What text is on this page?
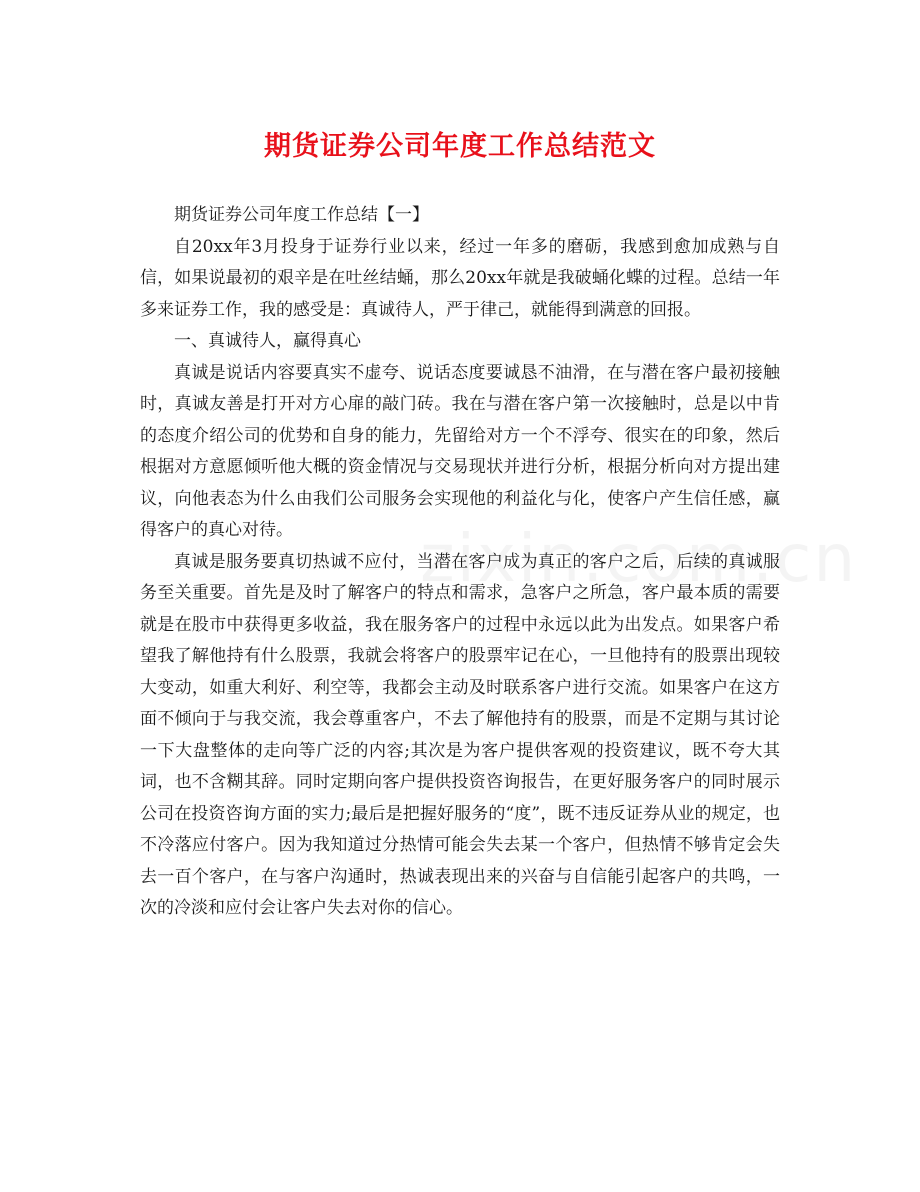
期货证券公司年度工作总结范文

期货证券公司年度工作总结【一】

自20xx年3月投身于证券行业以来，经过一年多的磨砺，我感到愈加成熟与自信，如果说最初的艰辛是在吐丝结蛹，那么20xx年就是我破蛹化蝶的过程。总结一年多来证券工作，我的感受是：真诚待人，严于律己，就能得到满意的回报。

一、真诚待人，赢得真心

真诚是说话内容要真实不虚夸、说话态度要诚恳不油滑，在与潜在客户最初接触时，真诚友善是打开对方心扉的敲门砖。我在与潜在客户第一次接触时，总是以中肯的态度介绍公司的优势和自身的能力，先留给对方一个不浮夸、很实在的印象，然后根据对方意愿倾听他大概的资金情况与交易现状并进行分析，根据分析向对方提出建议，向他表态为什么由我们公司服务会实现他的利益化与化，使客户产生信任感，赢得客户的真心对待。

真诚是服务要真切热诚不应付，当潜在客户成为真正的客户之后，后续的真诚服务至关重要。首先是及时了解客户的特点和需求，急客户之所急，客户最本质的需要就是在股市中获得更多收益，我在服务客户的过程中永远以此为出发点。如果客户希望我了解他持有什么股票，我就会将客户的股票牢记在心，一旦他持有的股票出现较大变动，如重大利好、利空等，我都会主动及时联系客户进行交流。如果客户在这方面不倾向于与我交流，我会尊重客户，不去了解他持有的股票，而是不定期与其讨论一下大盘整体的走向等广泛的内容;其次是为客户提供客观的投资建议，既不夸大其词，也不含糊其辞。同时定期向客户提供投资咨询报告，在更好服务客户的同时展示公司在投资咨询方面的实力;最后是把握好服务的“度”，既不违反证券从业的规定，也不冷落应付客户。因为我知道过分热情可能会失去某一个客户，但热情不够肯定会失去一百个客户，在与客户沟通时，热诚表现出来的兴奋与自信能引起客户的共鸣，一次的冷淡和应付会让客户失去对你的信心。
